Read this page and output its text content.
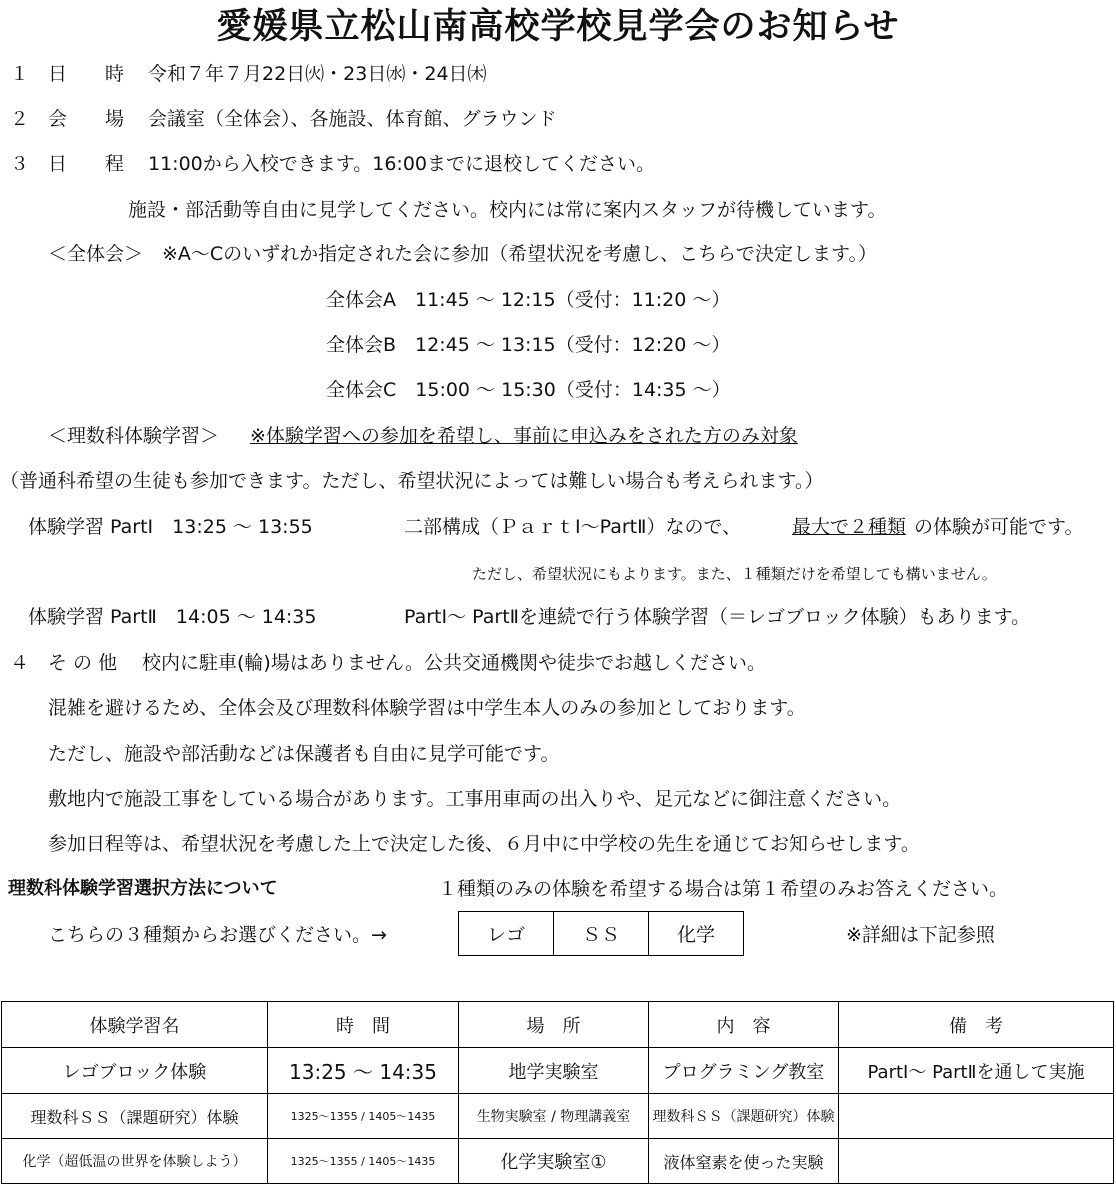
愛媛県立松山南高校学校見学会のお知らせ
１ 日　　時 令和７年７月22日㈫・23日㈬・24日㈭
２ 会　　場 会議室（全体会）、各施設、体育館、グラウンド
３ 日　　程 11:00から入校できます。16:00までに退校してください。
施設・部活動等自由に見学してください。校内には常に案内スタッフが待機しています。
＜全体会＞　※A～Cのいずれか指定された会に参加（希望状況を考慮し、こちらで決定します。）
全体会A　11:45 ～ 12:15（受付：11:20 ～）
全体会B　12:45 ～ 13:15（受付：12:20 ～）
全体会C　15:00 ～ 15:30（受付：14:35 ～）
＜理数科体験学習＞ ※体験学習への参加を希望し、事前に申込みをされた方のみ対象
（普通科希望の生徒も参加できます。ただし、希望状況によっては難しい場合も考えられます。）
体験学習 PartⅠ　13:25 ～ 13:55	二部構成（ＰａｒｔⅠ～PartⅡ）なので、	最大で２種類 の体験が可能です。
ただし、希望状況にもよります。また、１種類だけを希望しても構いません。
体験学習 PartⅡ　14:05 ～ 14:35	PartⅠ～ PartⅡを連続で行う体験学習（＝レゴブロック体験）もあります。
４ そ の 他 校内に駐車(輪)場はありません。公共交通機関や徒歩でお越しください。
混雑を避けるため、全体会及び理数科体験学習は中学生本人のみの参加としております。
ただし、施設や部活動などは保護者も自由に見学可能です。
敷地内で施設工事をしている場合があります。工事用車両の出入りや、足元などに御注意ください。
参加日程等は、希望状況を考慮した上で決定した後、６月中に中学校の先生を通じてお知らせします。
理数科体験学習選択方法について	１種類のみの体験を希望する場合は第１希望のみお答えください。
こちらの３種類からお選びください。→	レゴ	ＳＳ	化学	※詳細は下記参照
体験学習名	時　間	場　所	内　容	備　考
レゴブロック体験	13:25 ～ 14:35	地学実験室	プログラミング教室	PartⅠ～ PartⅡを通して実施
理数科ＳＳ（課題研究）体験	1325～1355 / 1405～1435	生物実験室 / 物理講義室	理数科ＳＳ（課題研究）体験	
化学（超低温の世界を体験しよう）	1325～1355 / 1405～1435	化学実験室①	液体窒素を使った実験	
